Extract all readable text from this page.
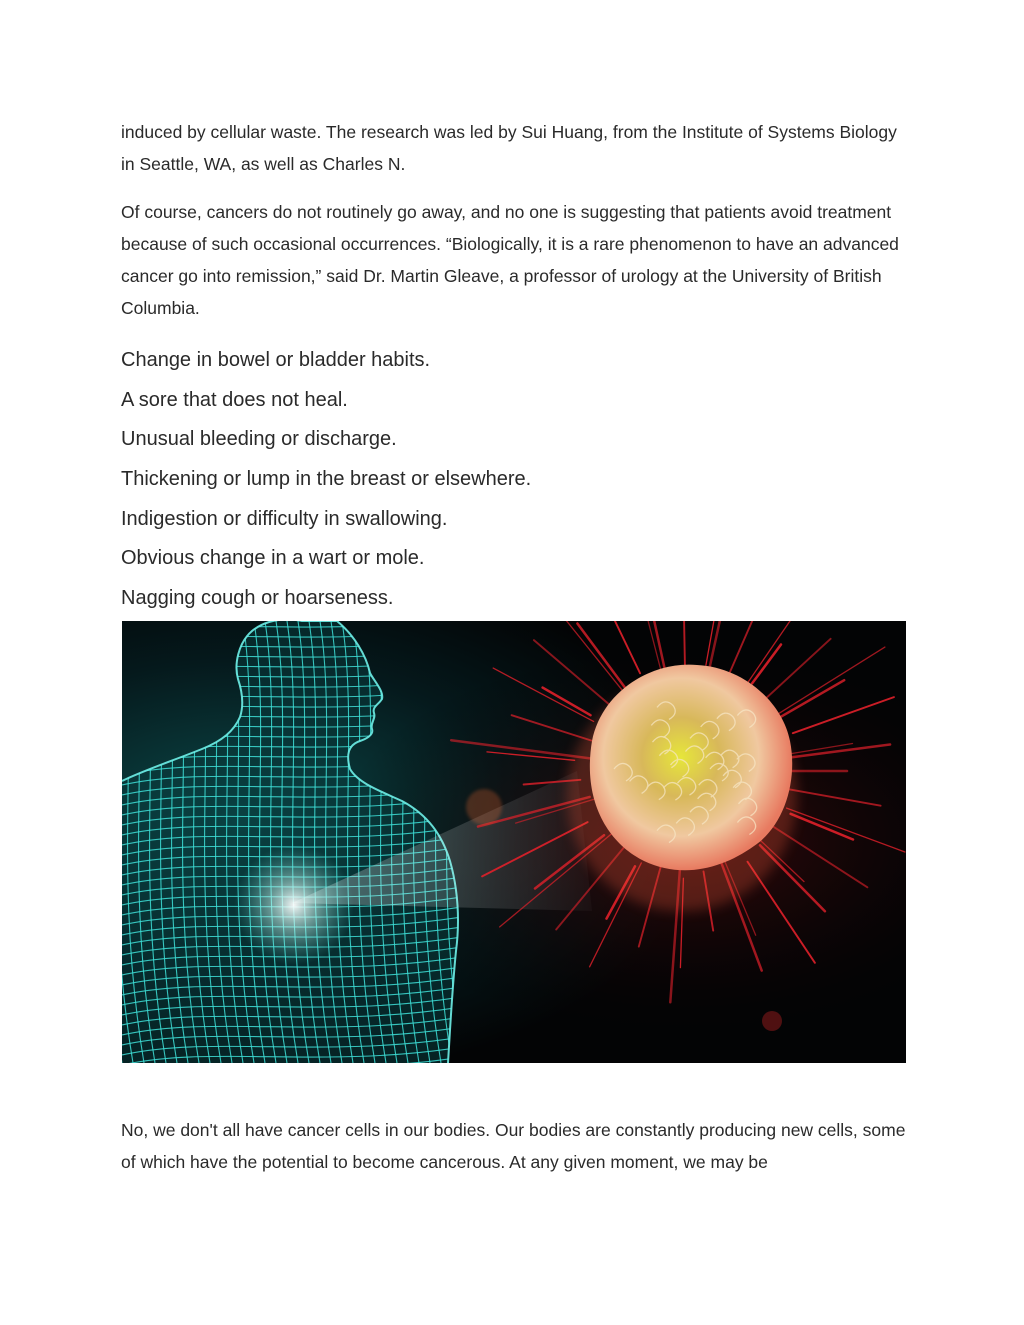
induced by cellular waste. The research was led by Sui Huang, from the Institute of Systems Biology in Seattle, WA, as well as Charles N.

Of course, cancers do not routinely go away, and no one is suggesting that patients avoid treatment because of such occasional occurrences. “Biologically, it is a rare phenomenon to have an advanced cancer go into remission,” said Dr. Martin Gleave, a professor of urology at the University of British Columbia.

Change in bowel or bladder habits.
A sore that does not heal.
Unusual bleeding or discharge.
Thickening or lump in the breast or elsewhere.
Indigestion or difficulty in swallowing.
Obvious change in a wart or mole.
Nagging cough or hoarseness.

No, we don't all have cancer cells in our bodies. Our bodies are constantly producing new cells, some of which have the potential to become cancerous. At any given moment, we may be
